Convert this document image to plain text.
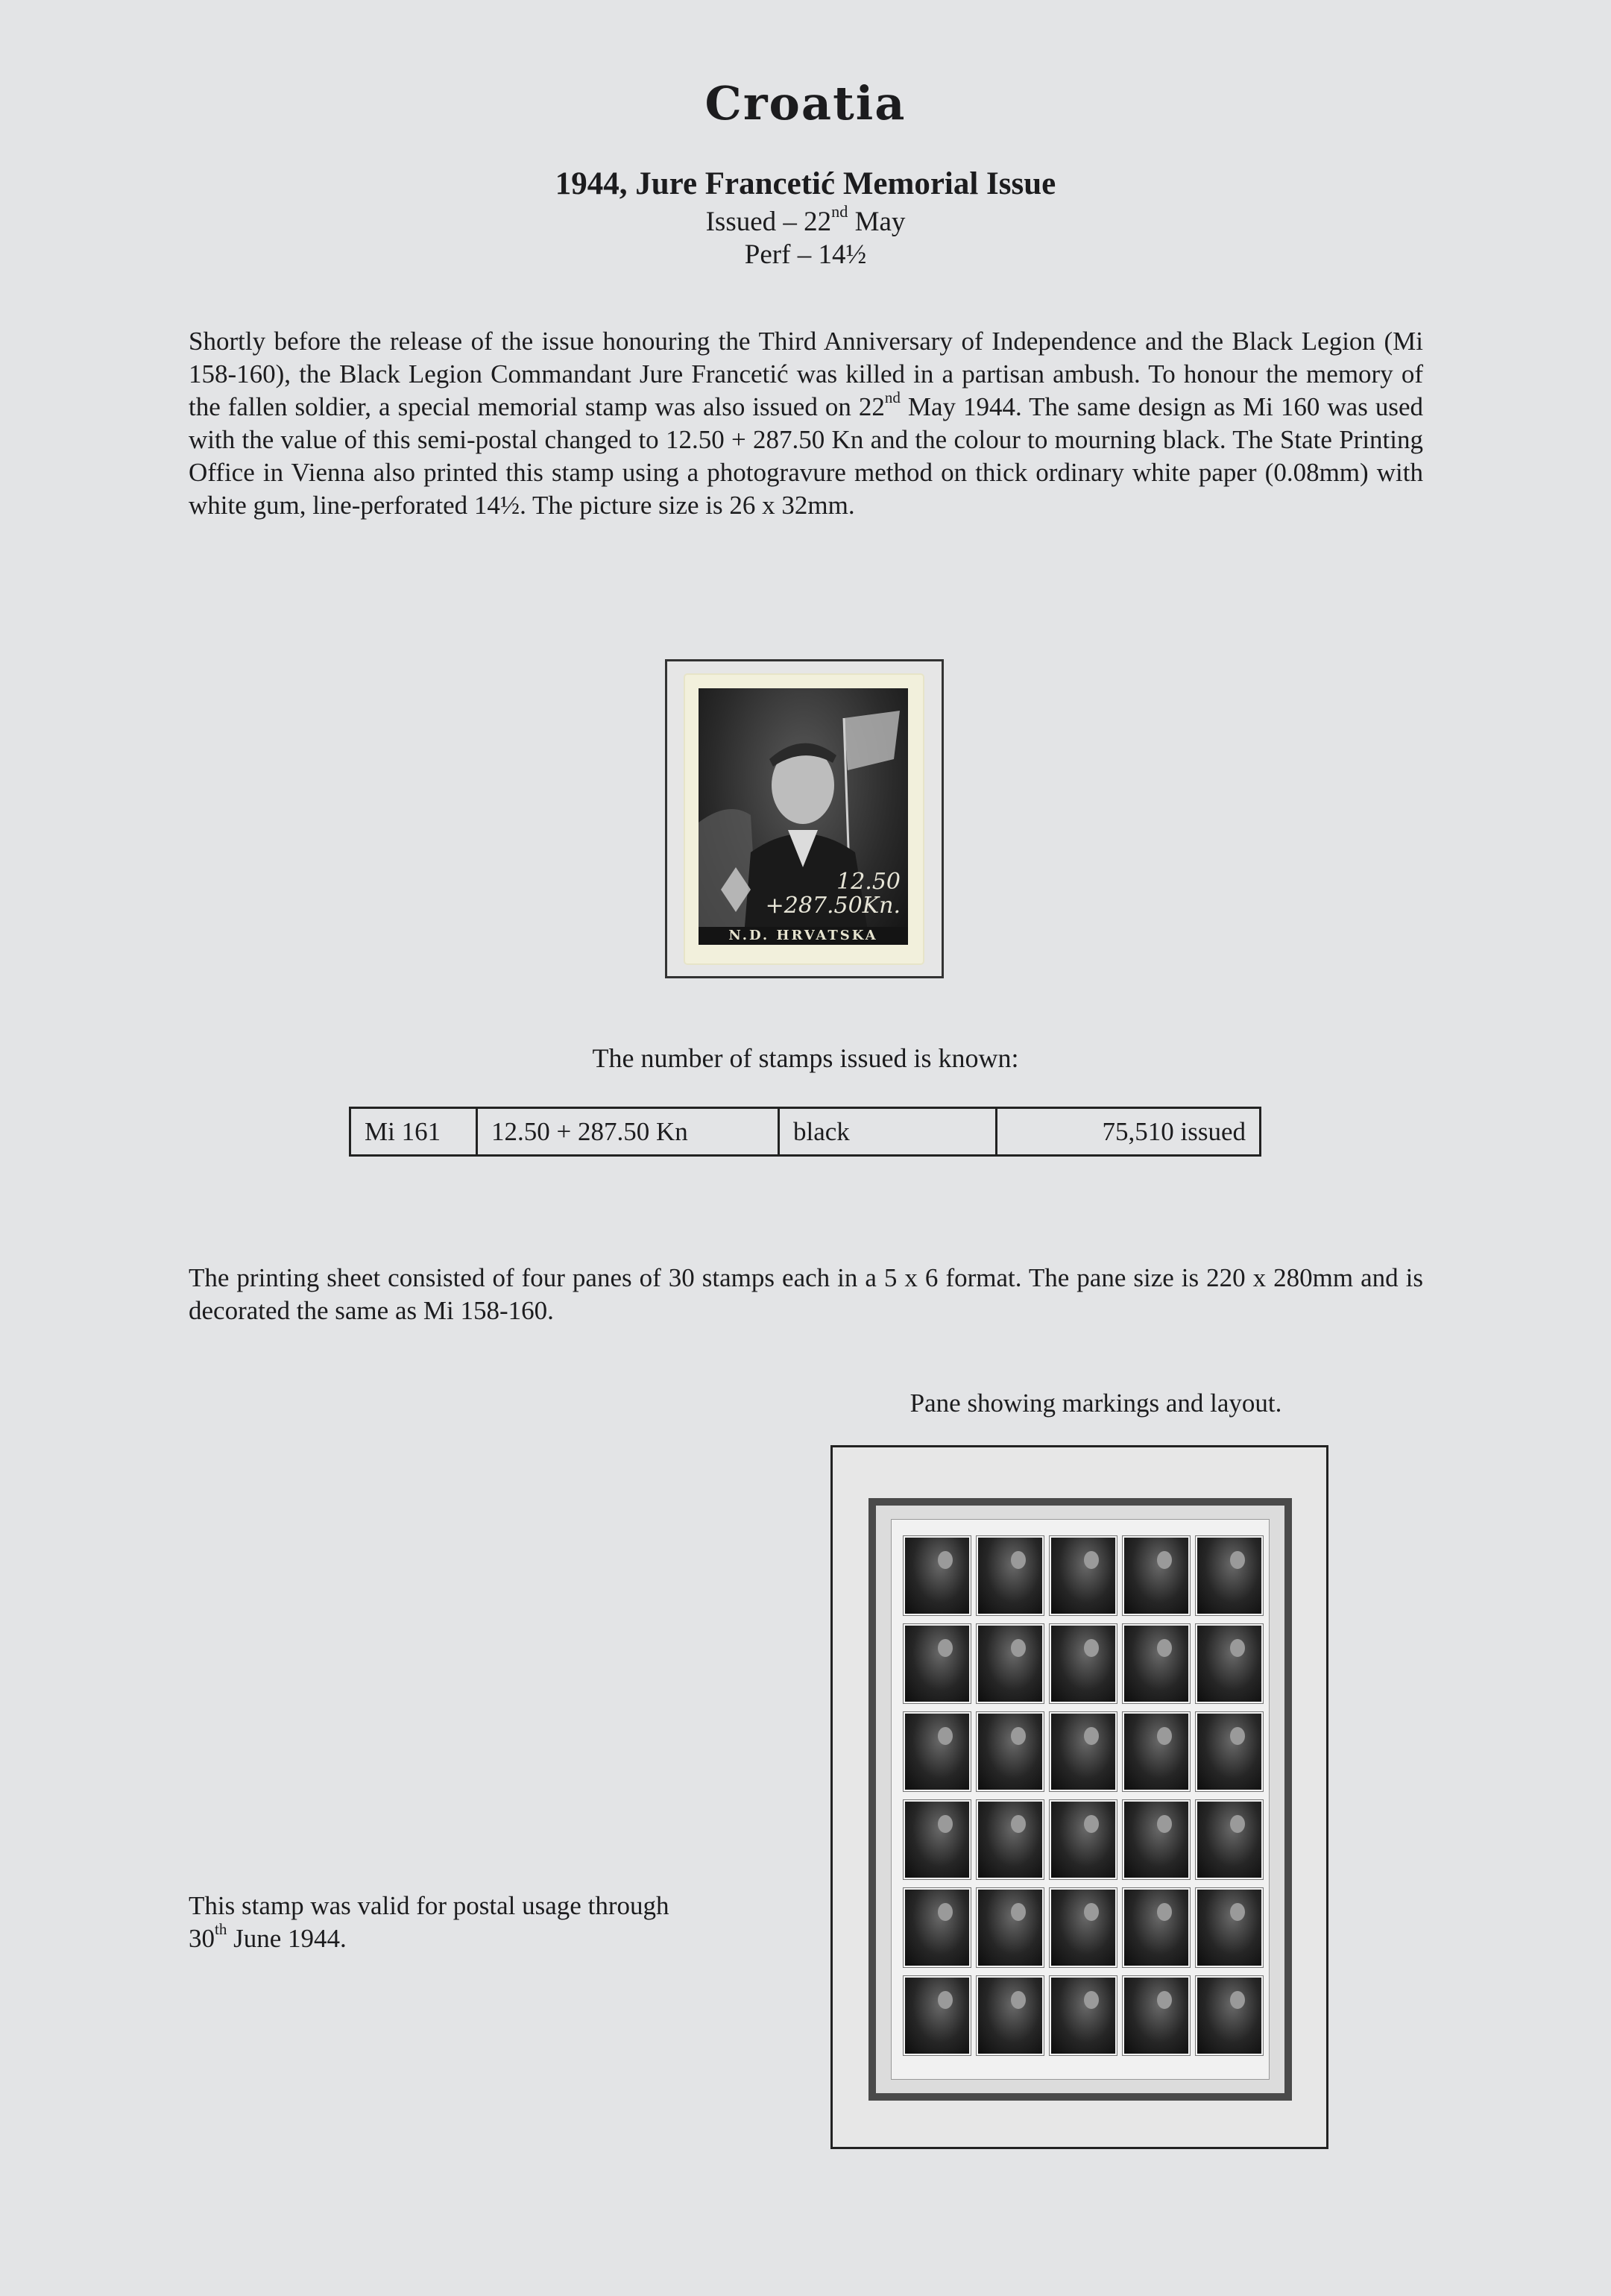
Croatia
1944, Jure Francetić Memorial Issue
Issued – 22nd May
Perf – 14½
Shortly before the release of the issue honouring the Third Anniversary of Independence and the Black Legion (Mi 158-160), the Black Legion Commandant Jure Francetić was killed in a partisan ambush. To honour the memory of the fallen soldier, a special memorial stamp was also issued on 22nd May 1944. The same design as Mi 160 was used with the value of this semi-postal changed to 12.50 + 287.50 Kn and the colour to mourning black. The State Printing Office in Vienna also printed this stamp using a photogravure method on thick ordinary white paper (0.08mm) with white gum, line-perforated 14½. The picture size is 26 x 32mm.
12.50
+287.50Kn.
N.D. HRVATSKA
The number of stamps issued is known:
Mi 161	12.50 + 287.50 Kn	black	75,510 issued
The printing sheet consisted of four panes of 30 stamps each in a 5 x 6 format. The pane size is 220 x 280mm and is decorated the same as Mi 158-160.
Pane showing markings and layout.
This stamp was valid for postal usage through
30th June 1944.
